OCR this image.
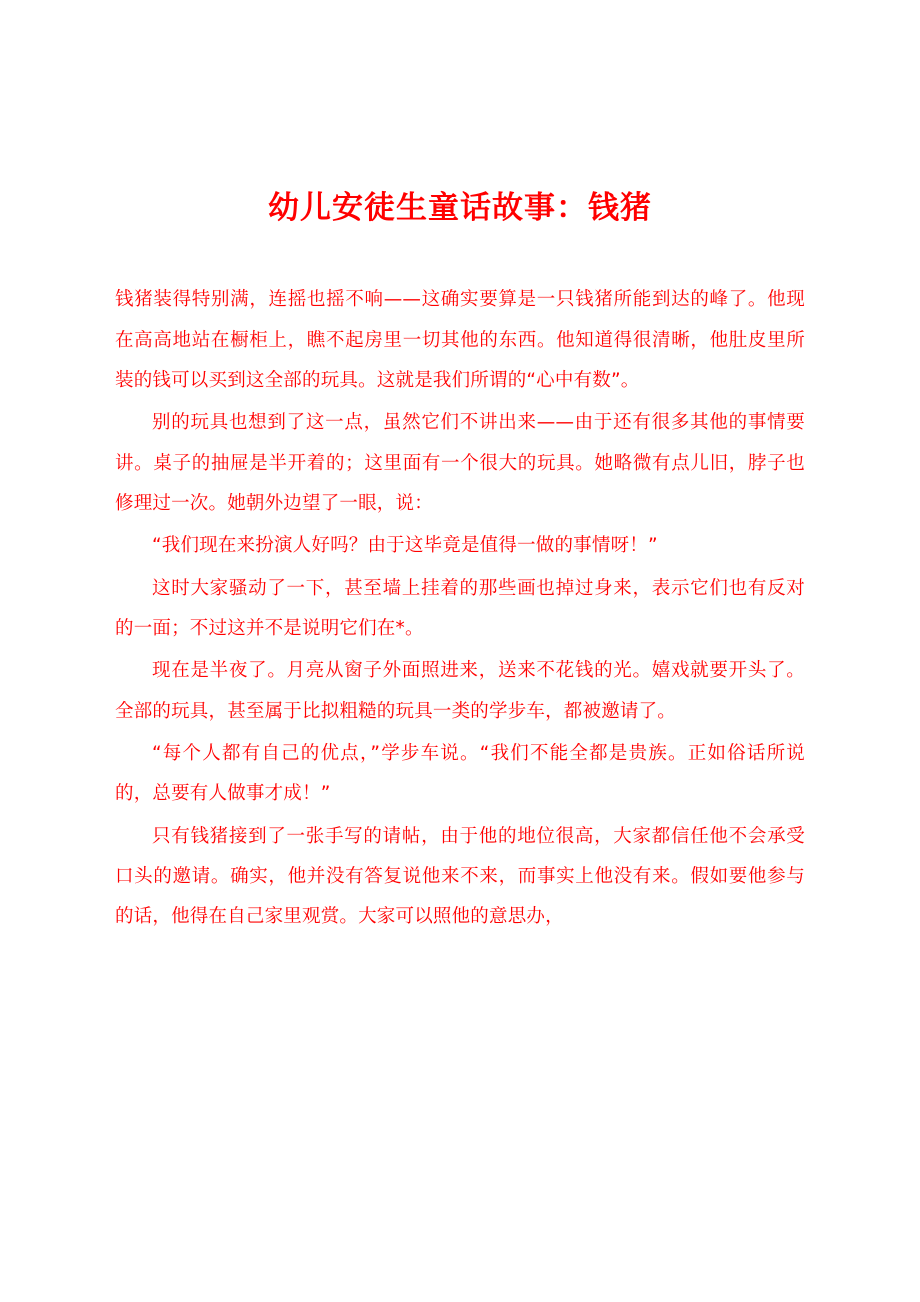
幼儿安徒生童话故事：钱猪

钱猪装得特别满，连摇也摇不响——这确实要算是一只钱猪所能到达的峰了。他现在高高地站在橱柜上，瞧不起房里一切其他的东西。他知道得很清晰，他肚皮里所装的钱可以买到这全部的玩具。这就是我们所谓的“心中有数”。

别的玩具也想到了这一点，虽然它们不讲出来——由于还有很多其他的事情要讲。桌子的抽屉是半开着的；这里面有一个很大的玩具。她略微有点儿旧，脖子也修理过一次。她朝外边望了一眼，说：

“我们现在来扮演人好吗？由于这毕竟是值得一做的事情呀！”

这时大家骚动了一下，甚至墙上挂着的那些画也掉过身来，表示它们也有反对的一面；不过这并不是说明它们在*。

现在是半夜了。月亮从窗子外面照进来，送来不花钱的光。嬉戏就要开头了。全部的玩具，甚至属于比拟粗糙的玩具一类的学步车，都被邀请了。

“每个人都有自己的优点，”学步车说。“我们不能全都是贵族。正如俗话所说的，总要有人做事才成！”

只有钱猪接到了一张手写的请帖，由于他的地位很高，大家都信任他不会承受口头的邀请。确实，他并没有答复说他来不来，而事实上他没有来。假如要他参与的话，他得在自己家里观赏。大家可以照他的意思办，
